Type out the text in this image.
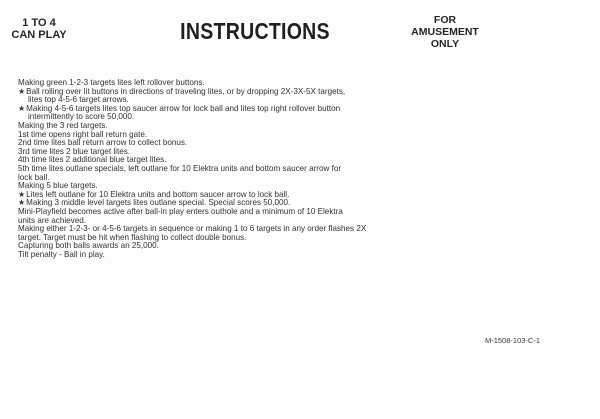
1 TO 4
CAN PLAY	INSTRUCTIONS	FOR
AMUSEMENT
ONLY
Making green 1-2-3 targets lites left rollover buttons.
★ Ball rolling over lit buttons in directions of traveling lites, or by dropping 2X-3X-5X targets,
lites top 4-5-6 target arrows.
★ Making 4-5-6 targets lites top saucer arrow for lock ball and lites top right rollover button
intermittently to score 50,000.
Making the 3 red targets.
1st time opens right ball return gate.
2nd time lites ball return arrow to collect bonus.
3rd time lites 2 blue target lites.
4th time lites 2 additional blue target lites.
5th time lites outlane specials, left outlane for 10 Elektra units and bottom saucer arrow for
lock ball.
Making 5 blue targets.
★ Lites left outlane for 10 Elektra units and bottom saucer arrow to lock ball.
★ Making 3 middle level targets lites outlane special. Special scores 50,000.
Mini-Playfield becomes active after ball-in play enters outhole and a minimum of 10 Elektra
units are achieved.
Making either 1-2-3- or 4-5-6 targets in sequence or making 1 to 6 targets in any order flashes 2X
target. Target must be hit when flashing to collect double bonus.
Capturing both balls awards an 25,000.
Tilt penalty - Ball in play.
M-1508-103-C-1
